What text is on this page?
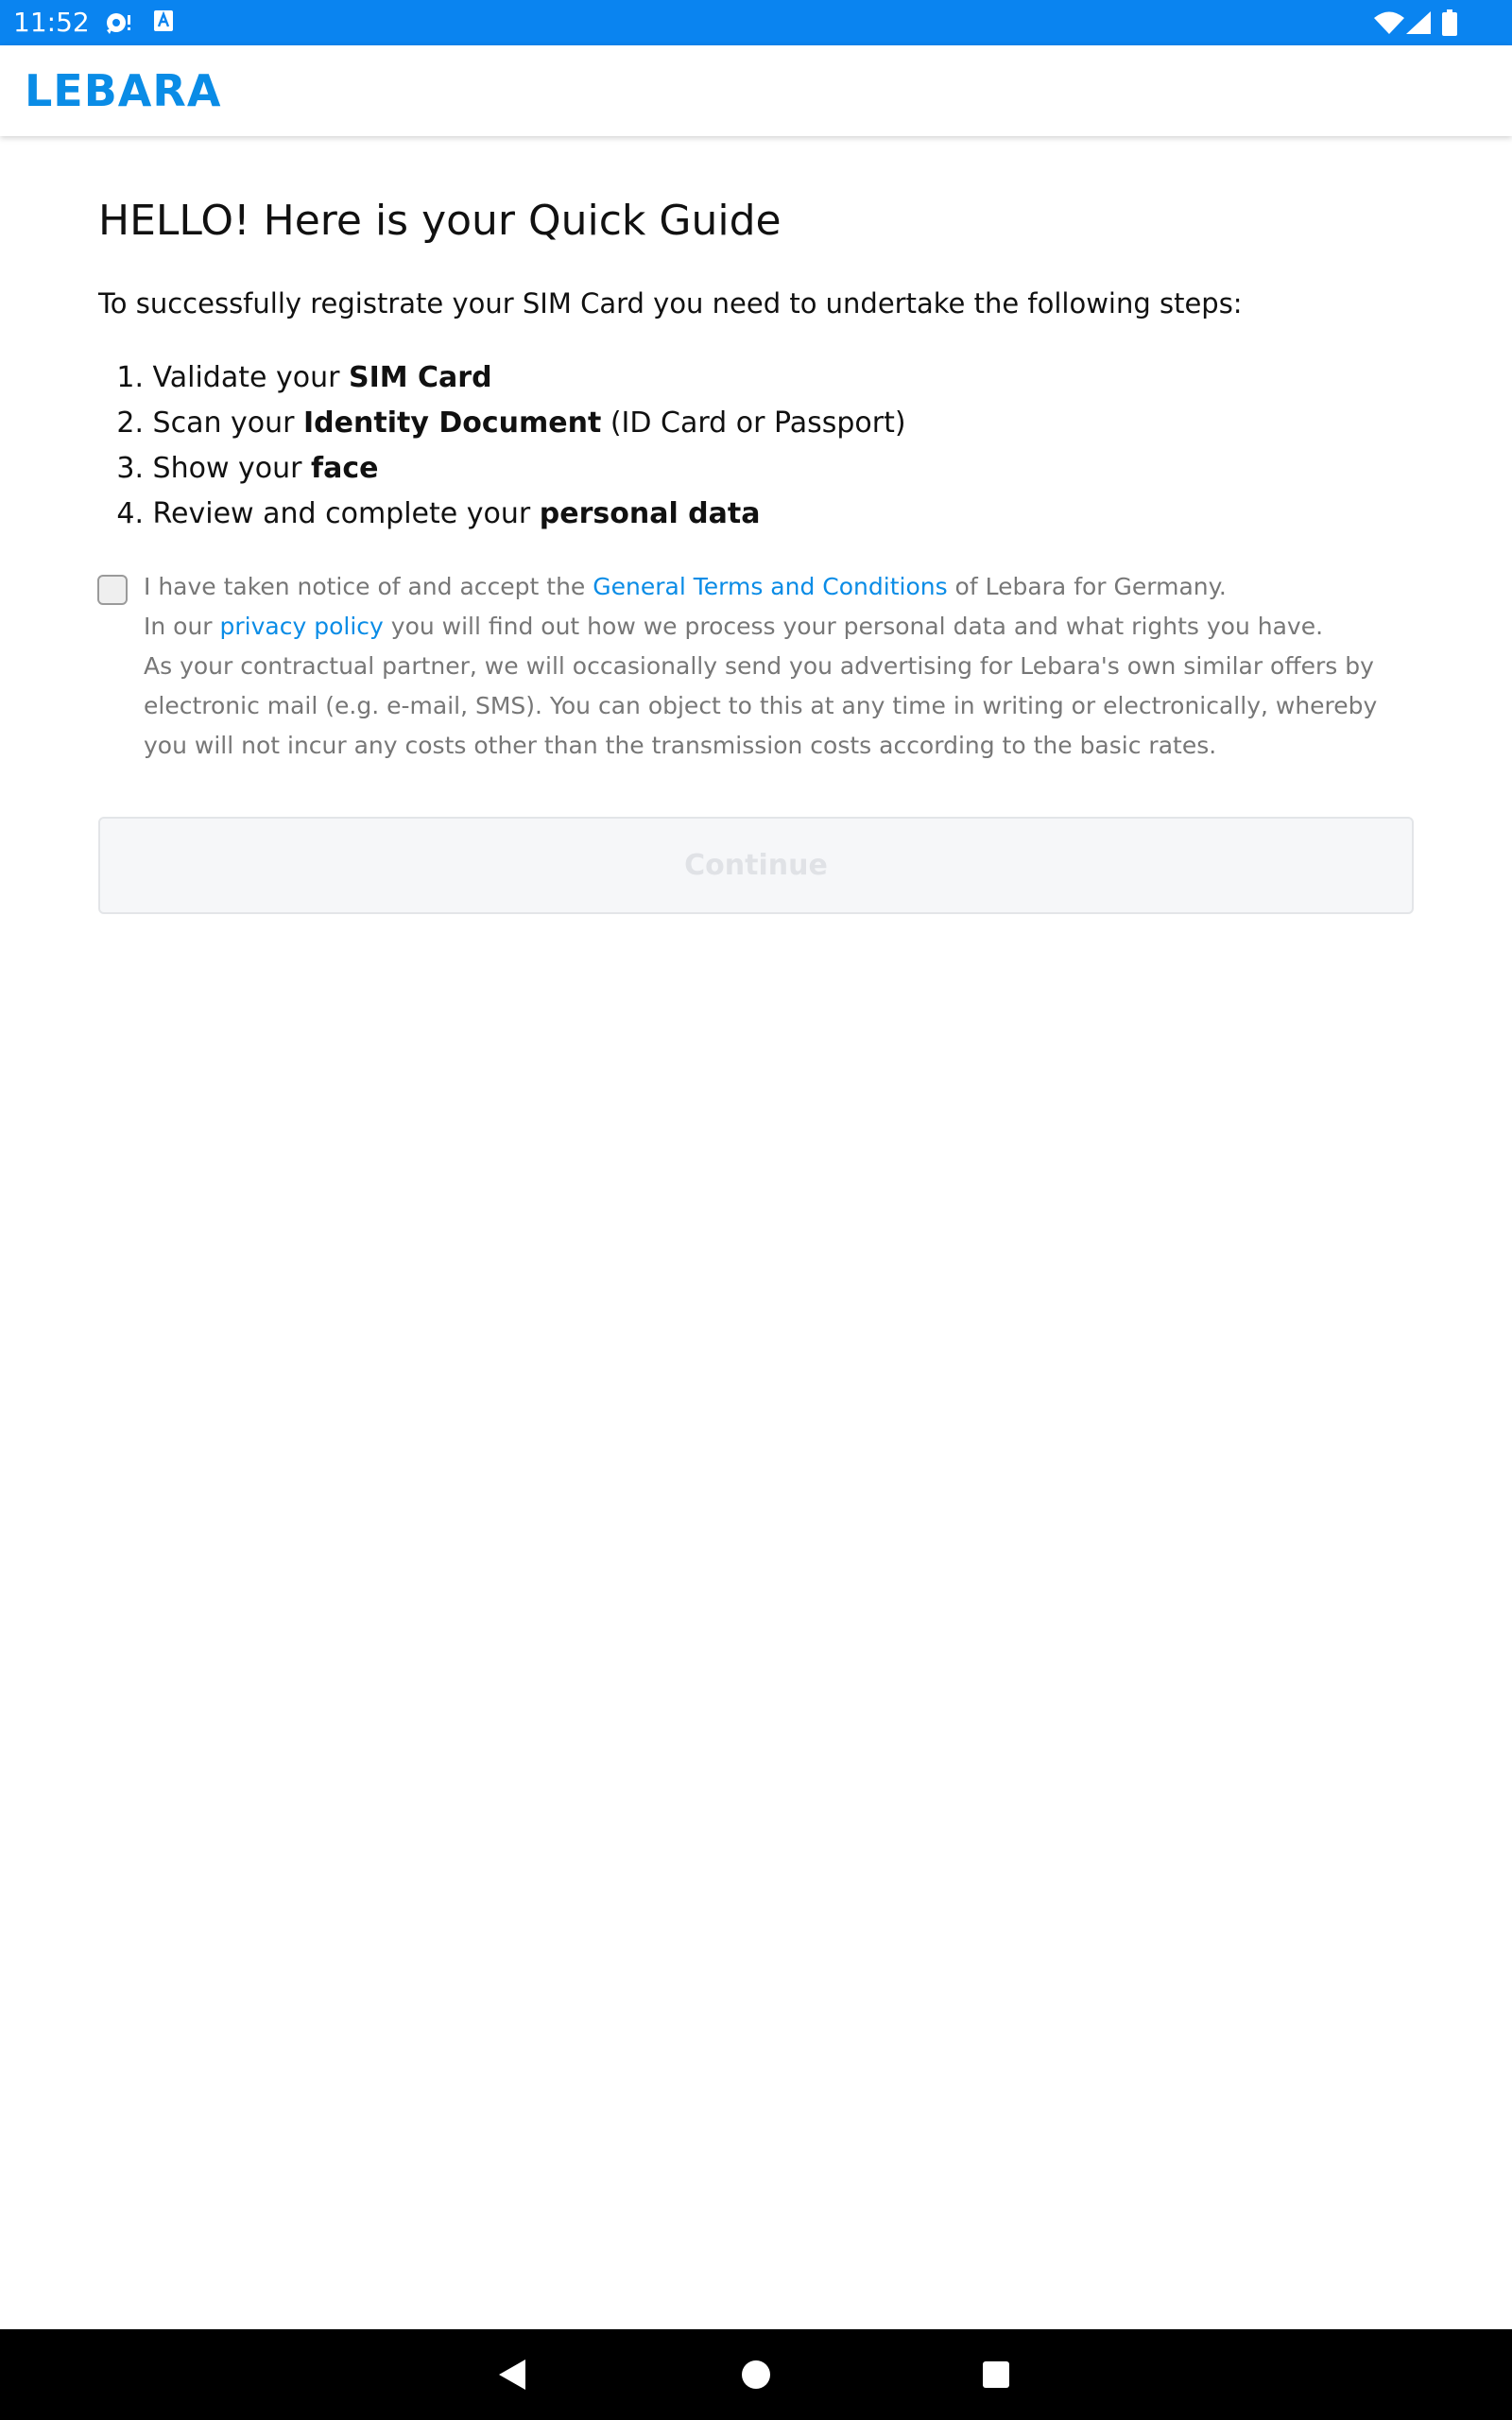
11:52
LEBARA
HELLO! Here is your Quick Guide

To successfully registrate your SIM Card you need to undertake the following steps:

1. Validate your SIM Card
2. Scan your Identity Document (ID Card or Passport)
3. Show your face
4. Review and complete your personal data
I have taken notice of and accept the General Terms and Conditions of Lebara for Germany.
In our privacy policy you will find out how we process your personal data and what rights you have.
As your contractual partner, we will occasionally send you advertising for Lebara's own similar offers by electronic mail (e.g. e-mail, SMS). You can object to this at any time in writing or electronically, whereby you will not incur any costs other than the transmission costs according to the basic rates.
Continue
